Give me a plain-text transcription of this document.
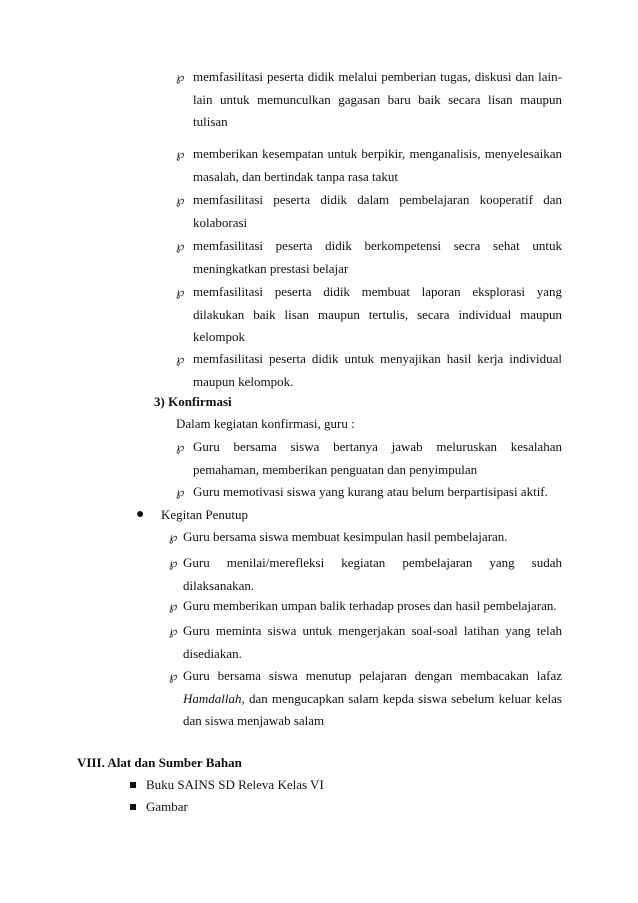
℘ memfasilitasi peserta didik melalui pemberian tugas, diskusi dan lain-
lain untuk memunculkan gagasan baru baik secara lisan maupun
tulisan
℘ memberikan kesempatan untuk berpikir, menganalisis, menyelesaikan
masalah, dan bertindak tanpa rasa takut
℘ memfasilitasi peserta didik dalam pembelajaran kooperatif dan
kolaborasi
℘ memfasilitasi peserta didik berkompetensi secra sehat untuk
meningkatkan prestasi belajar
℘ memfasilitasi peserta didik membuat laporan eksplorasi yang
dilakukan baik lisan maupun tertulis, secara individual maupun
kelompok
℘ memfasilitasi peserta didik untuk menyajikan hasil kerja individual
maupun kelompok.
3) Konfirmasi
Dalam kegiatan konfirmasi, guru :
℘ Guru bersama siswa bertanya jawab meluruskan kesalahan
pemahaman, memberikan penguatan dan penyimpulan
℘ Guru memotivasi siswa yang kurang atau belum berpartisipasi aktif.
● Kegitan Penutup
℘ Guru bersama siswa membuat kesimpulan hasil pembelajaran.
℘ Guru menilai/merefleksi kegiatan pembelajaran yang sudah
dilaksanakan.
℘ Guru memberikan umpan balik terhadap proses dan hasil pembelajaran.
℘ Guru meminta siswa untuk mengerjakan soal-soal latihan yang telah
disediakan.
℘ Guru bersama siswa menutup pelajaran dengan membacakan lafaz
Hamdallah, dan mengucapkan salam kepda siswa sebelum keluar kelas
dan siswa menjawab salam
VIII. Alat dan Sumber Bahan
Buku SAINS SD Releva Kelas VI
Gambar
